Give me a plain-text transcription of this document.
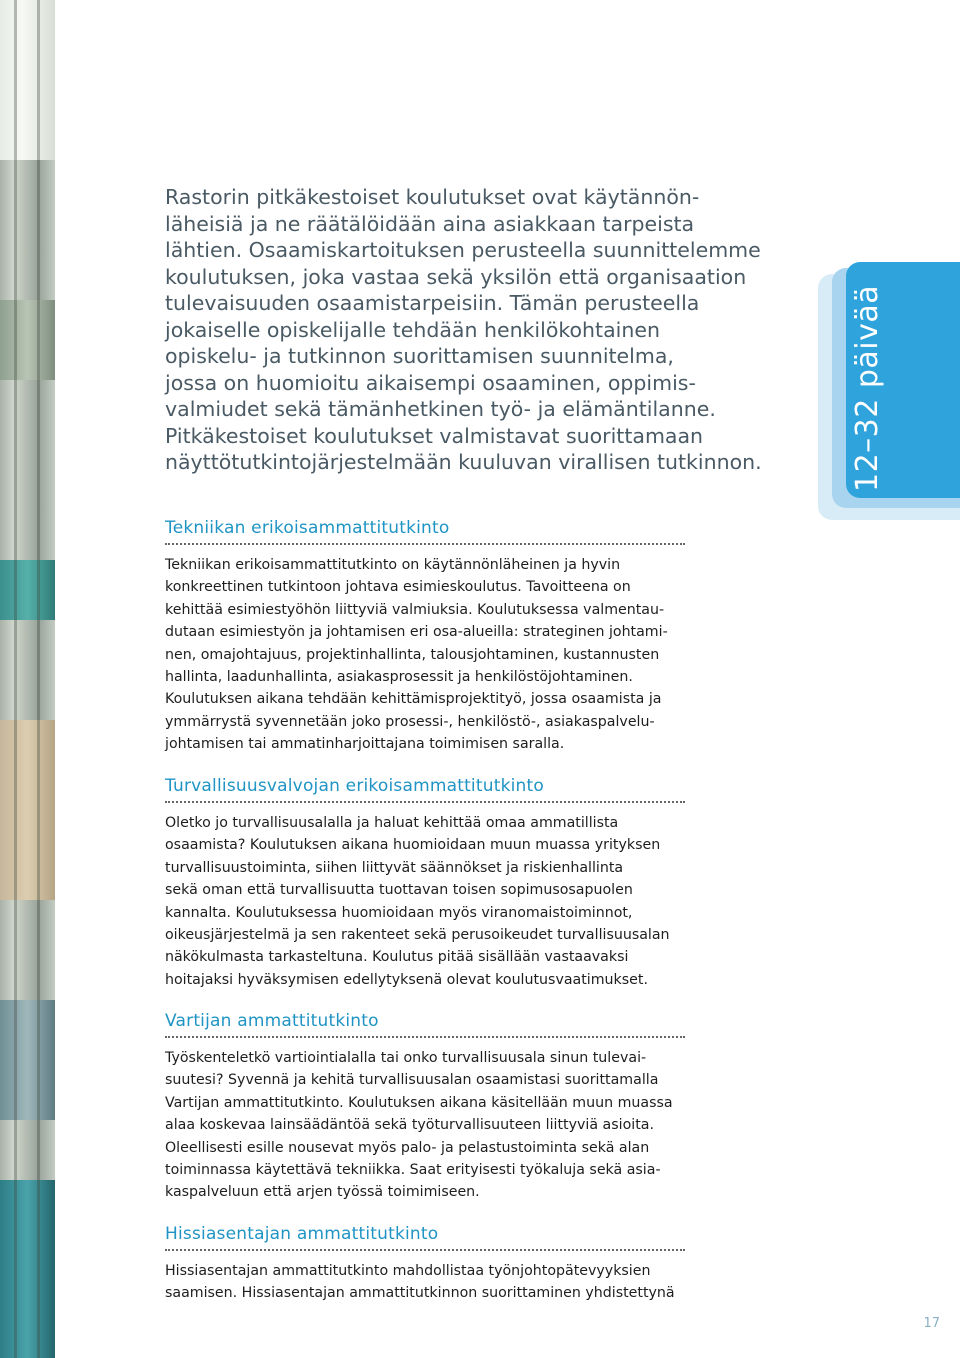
Rastorin pitkäkestoiset koulutukset ovat käytännön-
läheisiä ja ne räätälöidään aina asiakkaan tarpeista
lähtien. Osaamiskartoituksen perusteella suunnittelemme
koulutuksen, joka vastaa sekä yksilön että organisaation
tulevaisuuden osaamistarpeisiin. Tämän perusteella
jokaiselle opiskelijalle tehdään henkilökohtainen
opiskelu- ja tutkinnon suorittamisen suunnitelma,
jossa on huomioitu aikaisempi osaaminen, oppimis-
valmiudet sekä tämänhetkinen työ- ja elämäntilanne.
Pitkäkestoiset koulutukset valmistavat suorittamaan
näyttötutkintojärjestelmään kuuluvan virallisen tutkinnon.	12–32 päivää
Tekniikan erikoisammattitutkinto

Tekniikan erikoisammattitutkinto on käytännönläheinen ja hyvin
konkreettinen tutkintoon johtava esimieskoulutus. Tavoitteena on
kehittää esimiestyöhön liittyviä valmiuksia. Koulutuksessa valmentau-
dutaan esimiestyön ja johtamisen eri osa-alueilla: strateginen johtami-
nen, omajohtajuus, projektinhallinta, talousjohtaminen, kustannusten
hallinta, laadunhallinta, asiakasprosessit ja henkilöstöjohtaminen.
Koulutuksen aikana tehdään kehittämisprojektityö, jossa osaamista ja
ymmärrystä syvennetään joko prosessi-, henkilöstö-, asiakaspalvelu-
johtamisen tai ammatinharjoittajana toimimisen saralla.

Turvallisuusvalvojan erikoisammattitutkinto

Oletko jo turvallisuusalalla ja haluat kehittää omaa ammatillista
osaamista? Koulutuksen aikana huomioidaan muun muassa yrityksen
turvallisuustoiminta, siihen liittyvät säännökset ja riskienhallinta
sekä oman että turvallisuutta tuottavan toisen sopimusosapuolen
kannalta. Koulutuksessa huomioidaan myös viranomaistoiminnot,
oikeusjärjestelmä ja sen rakenteet sekä perusoikeudet turvallisuusalan
näkökulmasta tarkasteltuna. Koulutus pitää sisällään vastaavaksi
hoitajaksi hyväksymisen edellytyksenä olevat koulutusvaatimukset.

Vartijan ammattitutkinto

Työskenteletkö vartiointialalla tai onko turvallisuusala sinun tulevai-
suutesi? Syvennä ja kehitä turvallisuusalan osaamistasi suorittamalla
Vartijan ammattitutkinto. Koulutuksen aikana käsitellään muun muassa
alaa koskevaa lainsäädäntöä sekä työturvallisuuteen liittyviä asioita.
Oleellisesti esille nousevat myös palo- ja pelastustoiminta sekä alan
toiminnassa käytettävä tekniikka. Saat erityisesti työkaluja sekä asia-
kaspalveluun että arjen työssä toimimiseen.

Hissiasentajan ammattitutkinto

Hissiasentajan ammattitutkinto mahdollistaa työnjohtopätevyyksien
saamisen. Hissiasentajan ammattitutkinnon suorittaminen yhdistettynä

17
